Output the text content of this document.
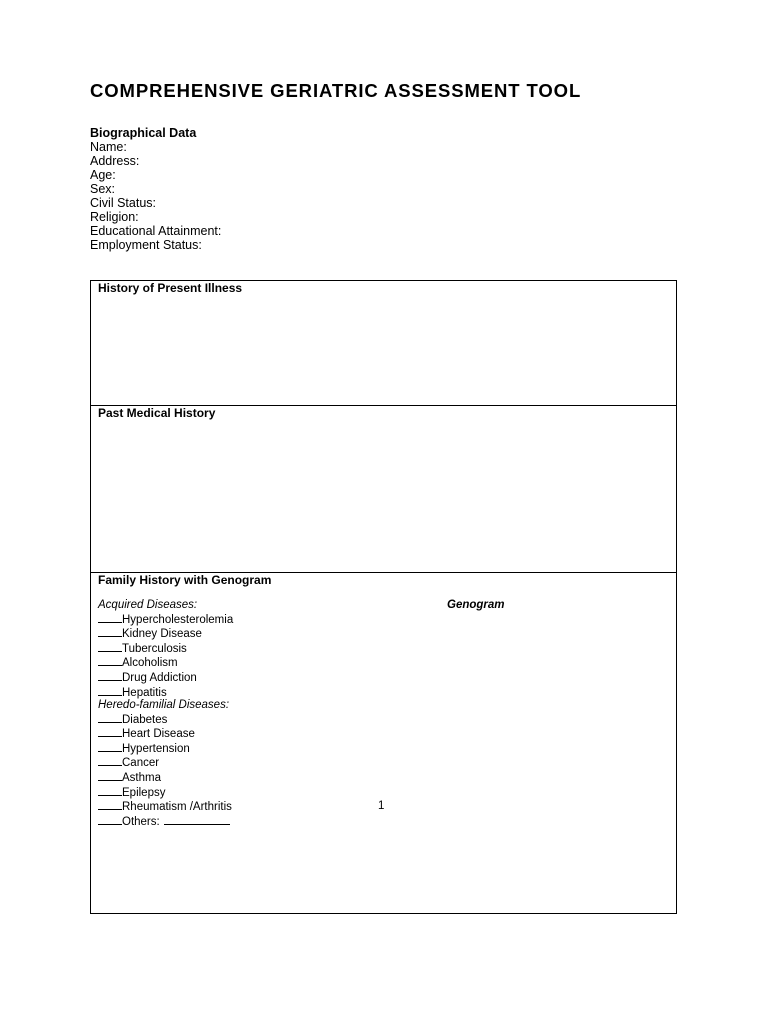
COMPREHENSIVE GERIATRIC ASSESSMENT TOOL
Biographical Data
Name:
Address:
Age:
Sex:
Civil Status:
Religion:
Educational Attainment:
Employment Status:
History of Present Illness
Past Medical History
Family History with Genogram
Acquired Diseases:
Hypercholesterolemia
Kidney Disease
Tuberculosis
Alcoholism
Drug Addiction
Hepatitis
Heredo-familial Diseases:
Diabetes
Heart Disease
Hypertension
Cancer
Asthma
Epilepsy
Rheumatism /Arthritis
Others:
Genogram
1
